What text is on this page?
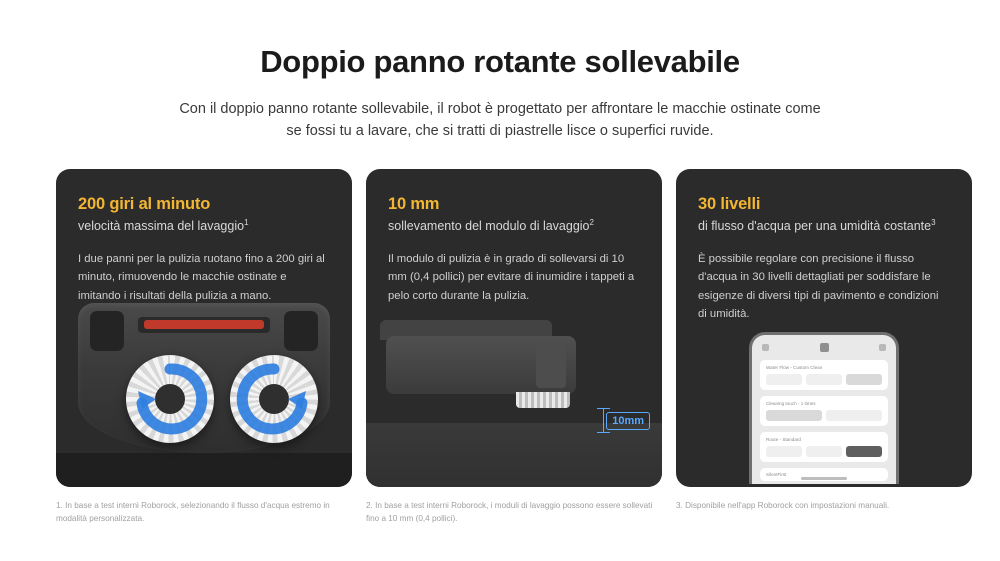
Doppio panno rotante sollevabile

Con il doppio panno rotante sollevabile, il robot è progettato per affrontare le macchie ostinate come se fossi tu a lavare, che si tratti di piastrelle lisce o superfici ruvide.

200 giri al minuto
velocità massima del lavaggio$^1$
I due panni per la pulizia ruotano fino a 200 giri al minuto, rimuovendo le macchie ostinate e imitando i risultati della pulizia a mano.
10mm
10 mm
sollevamento del modulo di lavaggio$^2$
Il modulo di pulizia è in grado di sollevarsi di 10 mm (0,4 pollici) per evitare di inumidire i tappeti a pelo corto durante la pulizia.
Water Flow - Custom Clean
Cleaning touch - 1 times
Route - Standard
SilentFirst
30 livelli
di flusso d'acqua per una umidità costante$^3$
È possibile regolare con precisione il flusso d'acqua in 30 livelli dettagliati per soddisfare le esigenze di diversi tipi di pavimento e condizioni di umidità.
1. In base a test interni Roborock, selezionando il flusso d'acqua estremo in modalità personalizzata.
2. In base a test interni Roborock, i moduli di lavaggio possono essere sollevati fino a 10 mm (0,4 pollici).
3. Disponibile nell'app Roborock con impostazioni manuali.
